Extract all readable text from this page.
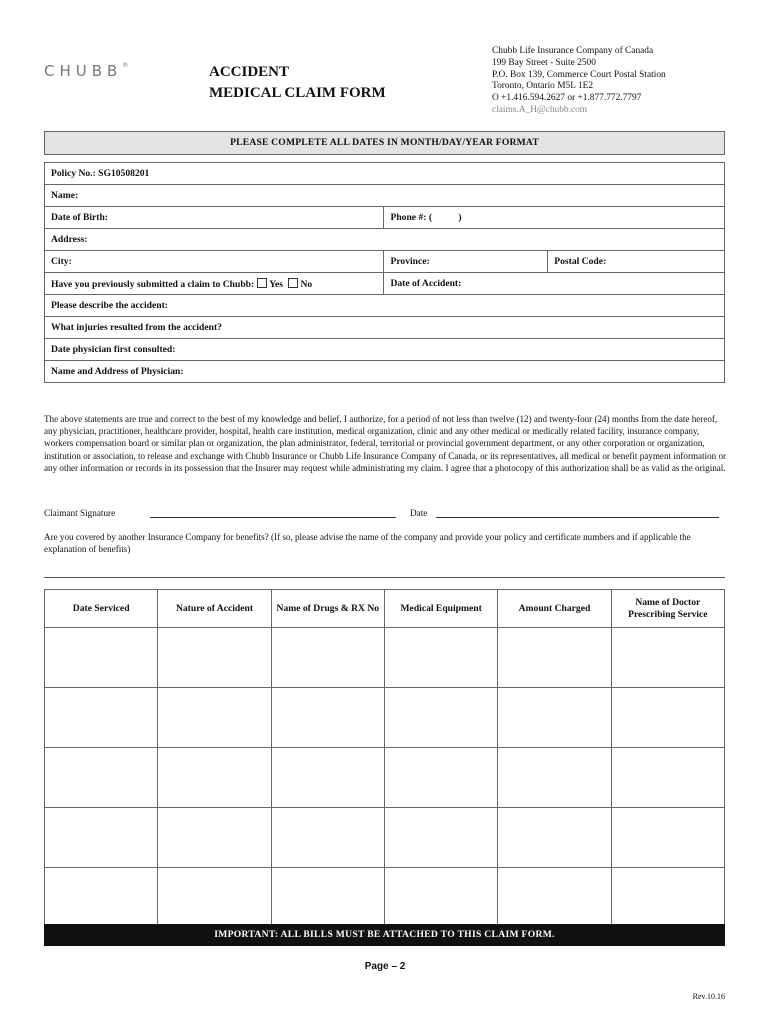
CHUBB®	ACCIDENT
MEDICAL CLAIM FORM
Chubb Life Insurance Company of Canada
199 Bay Street - Suite 2500
P.O. Box 139, Commerce Court Postal Station
Toronto, Ontario M5L 1E2
O +1.416.594.2627 or +1.877.772.7797
claims.A_H@chubb.com
PLEASE COMPLETE ALL DATES IN MONTH/DAY/YEAR FORMAT
Policy No.: SG10508201		
Name:		
Date of Birth:	Phone #: (           )	
Address:		
City:	Province:	Postal Code:
Have you previously submitted a claim to Chubb: Yes No	Date of Accident:	
Please describe the accident:		
What injuries resulted from the accident?		
Date physician first consulted:		
Name and Address of Physician:		
The above statements are true and correct to the best of my knowledge and belief. I authorize, for a period of not less than twelve (12) and twenty-four (24) months from the date hereof, any physician, practitioner, healthcare provider, hospital, health care institution, medical organization, clinic and any other medical or medically related facility, insurance company, workers compensation board or similar plan or organization, the plan administrator, federal, territorial or provincial government department, or any other corporation or organization, institution or association, to release and exchange with Chubb Insurance or Chubb Life Insurance Company of Canada, or its representatives, all medical or benefit payment information or any other information or records in its possession that the Insurer may request while administrating my claim. I agree that a photocopy of this authorization shall be as valid as the original.
Claimant Signature	Date
Are you covered by another Insurance Company for benefits? (If so, please advise the name of the company and provide your policy and certificate numbers and if applicable the explanation of benefits)
Date Serviced	Nature of Accident	Name of Drugs & RX No	Medical Equipment	Amount Charged	Name of Doctor Prescribing Service

IMPORTANT: ALL BILLS MUST BE ATTACHED TO THIS CLAIM FORM.
Page – 2
Rev.10.16
